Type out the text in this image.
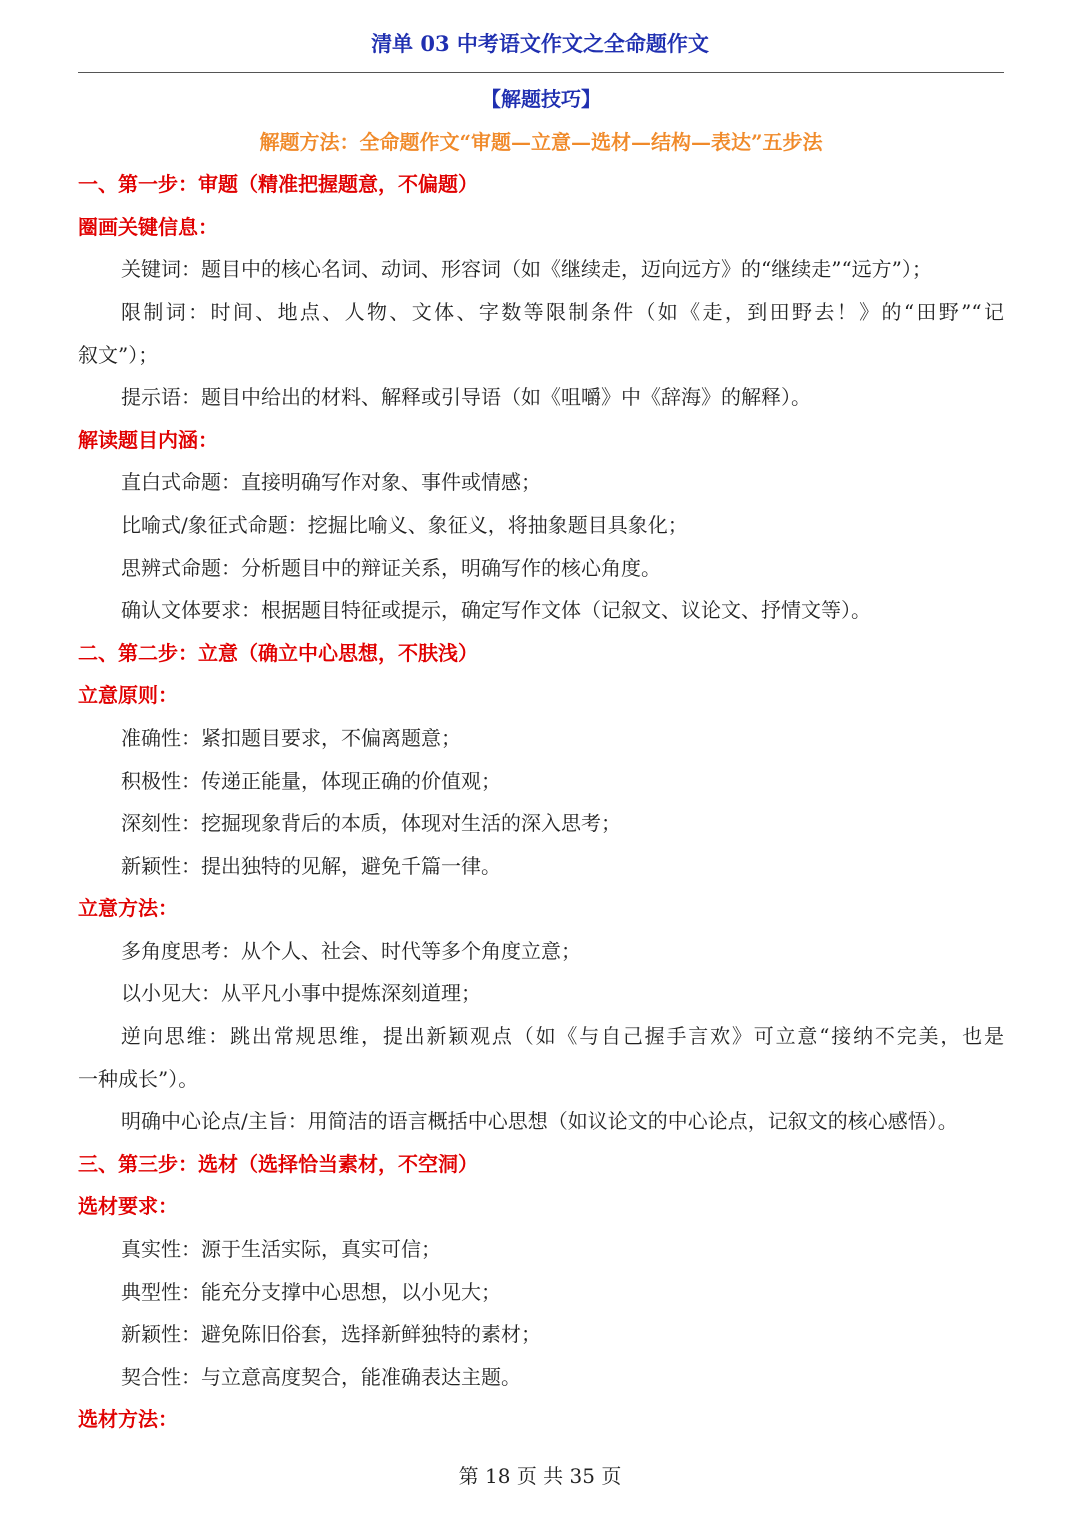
清单 03 中考语文作文之全命题作文
【解题技巧】
解题方法：全命题作文“审题—立意—选材—结构—表达”五步法
一、第一步：审题（精准把握题意，不偏题）
圈画关键信息：
关键词：题目中的核心名词、动词、形容词（如《继续走，迈向远方》的“继续走”“远方”）；
限制词：时间、地点、人物、文体、字数等限制条件（如《走，到田野去！》的“田野”“记
叙文”）；
提示语：题目中给出的材料、解释或引导语（如《咀嚼》中《辞海》的解释）。
解读题目内涵：
直白式命题：直接明确写作对象、事件或情感；
比喻式/象征式命题：挖掘比喻义、象征义，将抽象题目具象化；
思辨式命题：分析题目中的辩证关系，明确写作的核心角度。
确认文体要求：根据题目特征或提示，确定写作文体（记叙文、议论文、抒情文等）。
二、第二步：立意（确立中心思想，不肤浅）
立意原则：
准确性：紧扣题目要求，不偏离题意；
积极性：传递正能量，体现正确的价值观；
深刻性：挖掘现象背后的本质，体现对生活的深入思考；
新颖性：提出独特的见解，避免千篇一律。
立意方法：
多角度思考：从个人、社会、时代等多个角度立意；
以小见大：从平凡小事中提炼深刻道理；
逆向思维：跳出常规思维，提出新颖观点（如《与自己握手言欢》可立意“接纳不完美，也是
一种成长”）。
明确中心论点/主旨：用简洁的语言概括中心思想（如议论文的中心论点，记叙文的核心感悟）。
三、第三步：选材（选择恰当素材，不空洞）
选材要求：
真实性：源于生活实际，真实可信；
典型性：能充分支撑中心思想，以小见大；
新颖性：避免陈旧俗套，选择新鲜独特的素材；
契合性：与立意高度契合，能准确表达主题。
选材方法：
第 18 页 共 35 页
